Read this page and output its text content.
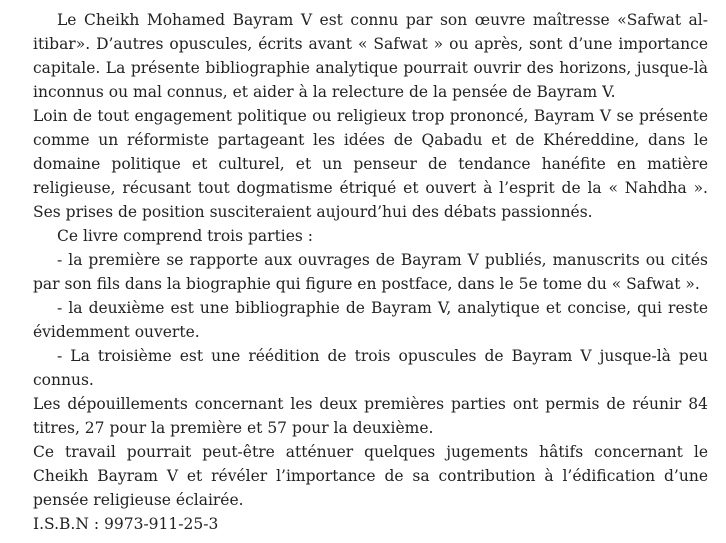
Le Cheikh Mohamed Bayram V est connu par son œuvre maîtresse «Safwat al-itibar». D’autres opuscules, écrits avant « Safwat » ou après, sont d’une importance capitale. La présente bibliographie analytique pourrait ouvrir des horizons, jusque-là inconnus ou mal connus, et aider à la relecture de la pensée de Bayram V.

Loin de tout engagement politique ou religieux trop prononcé, Bayram V se présente comme un réformiste partageant les idées de Qabadu et de Khéreddine, dans le domaine politique et culturel, et un penseur de tendance hanéfite en matière religieuse, récusant tout dogmatisme étriqué et ouvert à l’esprit de la « Nahdha ». Ses prises de position susciteraient aujourd’hui des débats passionnés.

Ce livre comprend trois parties :

- la première se rapporte aux ouvrages de Bayram V publiés, manuscrits ou cités par son fils dans la biographie qui figure en postface, dans le 5e tome du « Safwat ».

- la deuxième est une bibliographie de Bayram V, analytique et concise, qui reste évidemment ouverte.

- La troisième est une réédition de trois opuscules de Bayram V jusque-là peu connus.

Les dépouillements concernant les deux premières parties ont permis de réunir 84 titres, 27 pour la première et 57 pour la deuxième.

Ce travail pourrait peut-être atténuer quelques jugements hâtifs concernant le Cheikh Bayram V et révéler l’importance de sa contribution à l’édification d’une pensée religieuse éclairée.

I.S.B.N : 9973-911-25-3
